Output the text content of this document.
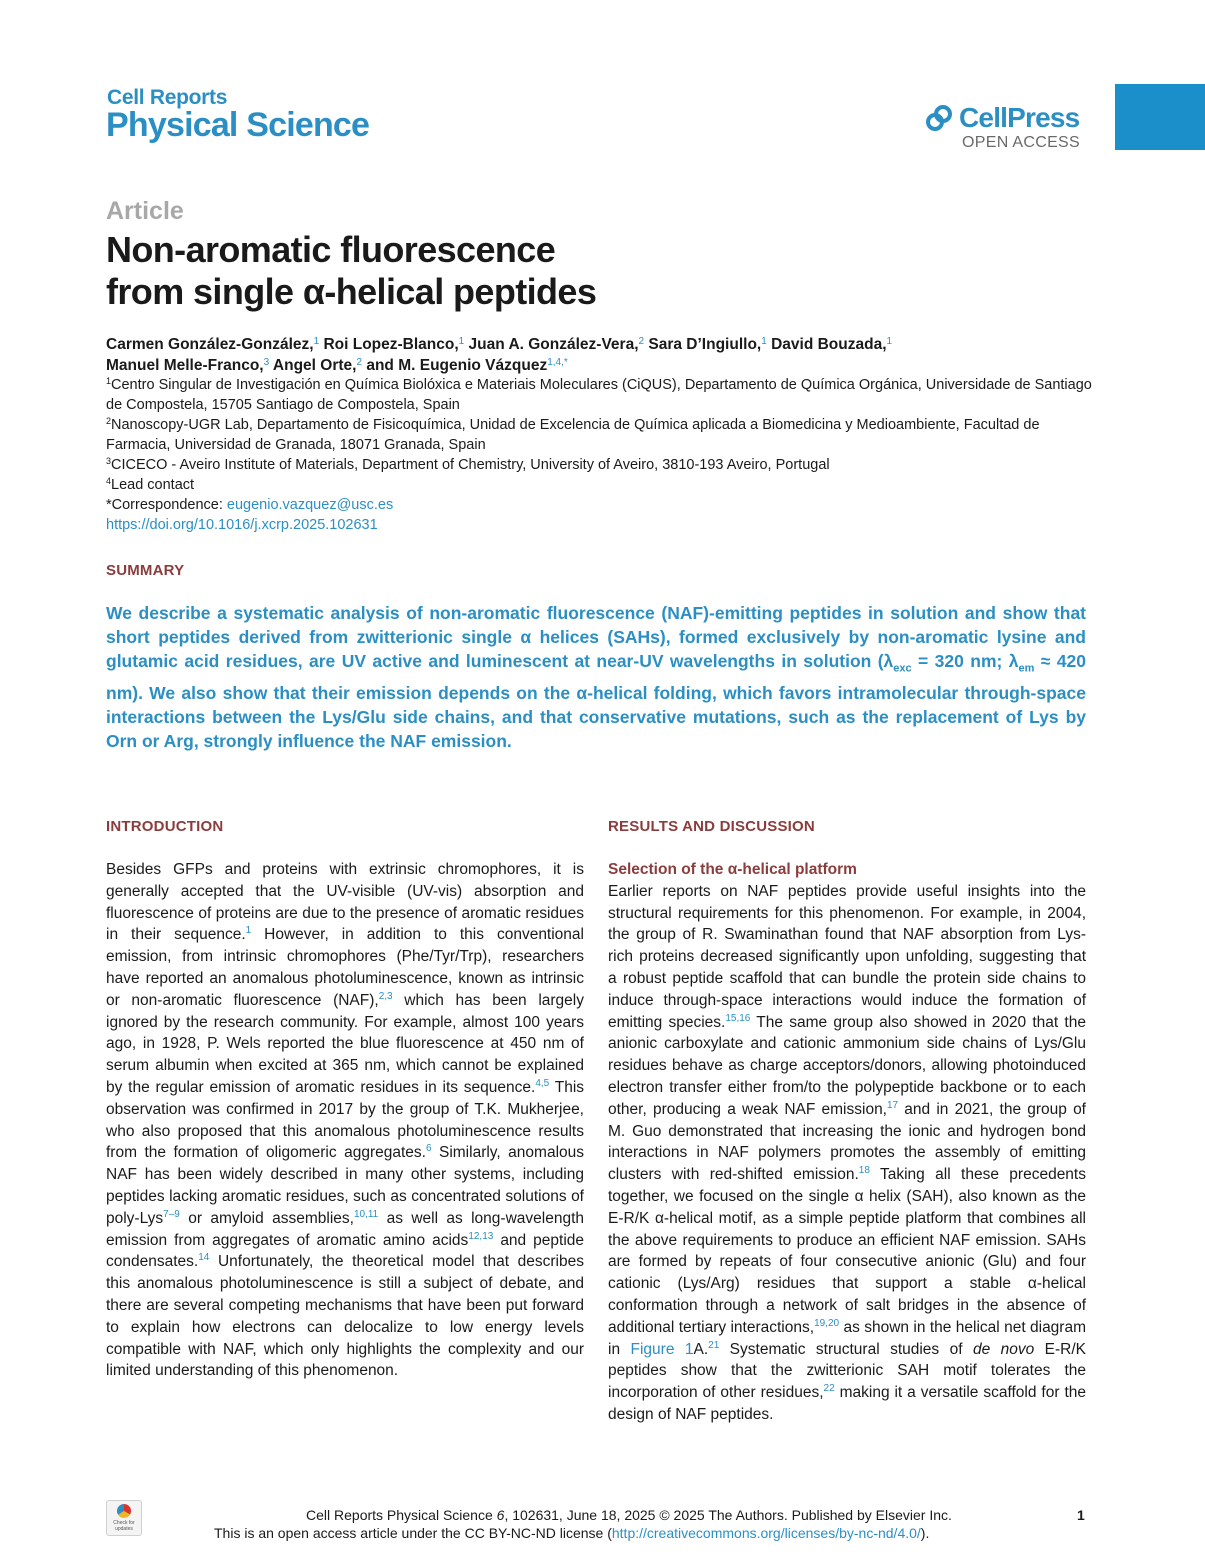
Cell Reports
Physical Science	CellPress
OPEN ACCESS
Article
Non-aromatic fluorescence
from single α-helical peptides
Carmen González-González,$^1$ Roi Lopez-Blanco,$^1$ Juan A. González-Vera,$^2$ Sara D’Ingiullo,$^1$ David Bouzada,$^1$
Manuel Melle-Franco,$^3$ Angel Orte,$^2$ and M. Eugenio Vázquez$^{1,4,*}$
$^1$Centro Singular de Investigación en Química Biolóxica e Materiais Moleculares (CiQUS), Departamento de Química Orgánica, Universidade de Santiago de Compostela, 15705 Santiago de Compostela, Spain
$^2$Nanoscopy-UGR Lab, Departamento de Fisicoquímica, Unidad de Excelencia de Química aplicada a Biomedicina y Medioambiente, Facultad de Farmacia, Universidad de Granada, 18071 Granada, Spain
$^3$CICECO - Aveiro Institute of Materials, Department of Chemistry, University of Aveiro, 3810-193 Aveiro, Portugal
$^4$Lead contact
*Correspondence: eugenio.vazquez@usc.es
https://doi.org/10.1016/j.xcrp.2025.102631
SUMMARY
We describe a systematic analysis of non-aromatic fluorescence (NAF)-emitting peptides in solution and show that short peptides derived from zwitterionic single α helices (SAHs), formed exclusively by non-aromatic lysine and glutamic acid residues, are UV active and luminescent at near-UV wavelengths in solution ($\lambda_{exc} = 320$ nm; $\lambda_{em} \approx 420$ nm). We also show that their emission depends on the α-helical folding, which favors intramolecular through-space interactions between the Lys/Glu side chains, and that conservative mutations, such as the replacement of Lys by Orn or Arg, strongly influence the NAF emission.
INTRODUCTION	RESULTS AND DISCUSSION
Besides GFPs and proteins with extrinsic chromophores, it is generally accepted that the UV-visible (UV-vis) absorption and fluorescence of proteins are due to the presence of aromatic residues in their sequence.$^1$ However, in addition to this conventional emission, from intrinsic chromophores (Phe/Tyr/Trp), researchers have reported an anomalous photoluminescence, known as intrinsic or non-aromatic fluorescence (NAF),$^{2,3}$ which has been largely ignored by the research community. For example, almost 100 years ago, in 1928, P. Wels reported the blue fluorescence at 450 nm of serum albumin when excited at 365 nm, which cannot be explained by the regular emission of aromatic residues in its sequence.$^{4,5}$ This observation was confirmed in 2017 by the group of T.K. Mukherjee, who also proposed that this anomalous photoluminescence results from the formation of oligomeric aggregates.$^6$ Similarly, anomalous NAF has been widely described in many other systems, including peptides lacking aromatic residues, such as concentrated solutions of poly-Lys$^{7-9}$ or amyloid assemblies,$^{10,11}$ as well as long-wavelength emission from aggregates of aromatic amino acids$^{12,13}$ and peptide condensates.$^{14}$ Unfortunately, the theoretical model that describes this anomalous photoluminescence is still a subject of debate, and there are several competing mechanisms that have been put forward to explain how electrons can delocalize to low energy levels compatible with NAF, which only highlights the complexity and our limited understanding of this phenomenon.
Selection of the α-helical platform
Earlier reports on NAF peptides provide useful insights into the structural requirements for this phenomenon. For example, in 2004, the group of R. Swaminathan found that NAF absorption from Lys-rich proteins decreased significantly upon unfolding, suggesting that a robust peptide scaffold that can bundle the protein side chains to induce through-space interactions would induce the formation of emitting species.$^{15,16}$ The same group also showed in 2020 that the anionic carboxylate and cationic ammonium side chains of Lys/Glu residues behave as charge acceptors/donors, allowing photoinduced electron transfer either from/to the polypeptide backbone or to each other, producing a weak NAF emission,$^{17}$ and in 2021, the group of M. Guo demonstrated that increasing the ionic and hydrogen bond interactions in NAF polymers promotes the assembly of emitting clusters with red-shifted emission.$^{18}$ Taking all these precedents together, we focused on the single α helix (SAH), also known as the E-R/K α-helical motif, as a simple peptide platform that combines all the above requirements to produce an efficient NAF emission. SAHs are formed by repeats of four consecutive anionic (Glu) and four cationic (Lys/Arg) residues that support a stable α-helical conformation through a network of salt bridges in the absence of additional tertiary interactions,$^{19,20}$ as shown in the helical net diagram in Figure 1A.$^{21}$ Systematic structural studies of de novo E-R/K peptides show that the zwitterionic SAH motif tolerates the incorporation of other residues,$^{22}$ making it a versatile scaffold for the design of NAF peptides.
Check for updates
Cell Reports Physical Science 6, 102631, June 18, 2025 © 2025 The Authors. Published by Elsevier Inc.
This is an open access article under the CC BY-NC-ND license (http://creativecommons.org/licenses/by-nc-nd/4.0/).
1
